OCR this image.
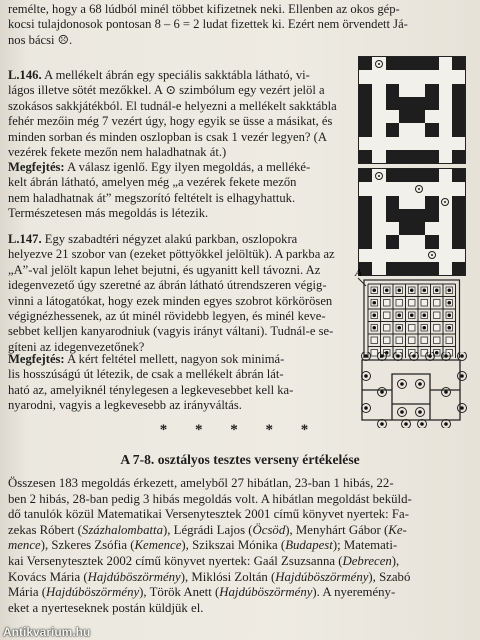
remélte, hogy a 68 lúdból minél többet kifizetnek neki. Ellenben az okos gép-

kocsi tulajdonosok pontosan 8 – 6 = 2 ludat fizettek ki. Ezért nem örvendett Já-

nos bácsi ☹.

L.146. A mellékelt ábrán egy speciális sakktábla látható, vi-

lágos illetve sötét mezőkkel. A ⊙ szimbólum egy vezért jelöl a

szokásos sakkjátékból. El tudnál-e helyezni a mellékelt sakktábla

fehér mezőin még 7 vezért úgy, hogy egyik se üsse a másikat, és

minden sorban és minden oszlopban is csak 1 vezér legyen? (A

vezérek fekete mezőn nem haladhatnak át.)

Megfejtés: A válasz igenlő. Egy ilyen megoldás, a melléké-

kelt ábrán látható, amelyen még „a vezérek fekete mezőn

nem haladhatnak át” megszorító feltételt is elhagyhattuk.

Természetesen más megoldás is létezik.

L.147. Egy szabadtéri négyzet alakú parkban, oszlopokra

helyezve 21 szobor van (ezeket pöttyökkel jelöltük). A parkba az

„A”-val jelölt kapun lehet bejutni, és ugyanitt kell távozni. Az

idegenvezető úgy szeretné az ábrán látható útrendszeren végig-

vinni a látogatókat, hogy ezek minden egyes szobrot körkörösen

végignézhessenek, az út minél rövidebb legyen, és minél keve-

sebbet kelljen kanyarodniuk (vagyis irányt váltani). Tudnál-e se-

gíteni az idegenvezetőnek?

Megfejtés: A kért feltétel mellett, nagyon sok minimá-

lis hosszúságú út létezik, de csak a mellékelt ábrán lát-

ható az, amelyiknél ténylegesen a legkevesebbet kell ka-

nyarodni, vagyis a legkevesebb az irányváltás.

A
* * * * *
A 7-8. osztályos tesztes verseny értékelése

Összesen 183 megoldás érkezett, amelyből 27 hibátlan, 23-ban 1 hibás, 22-

ben 2 hibás, 28-ban pedig 3 hibás megoldás volt. A hibátlan megoldást beküld-

dő tanulók közül Matematikai Versenytesztek 2001 című könyvet nyertek: Fa-

zekas Róbert (Százhalombatta), Légrádi Lajos (Öcsöd), Menyhárt Gábor (Ke-

mence), Szkeres Zsófia (Kemence), Szikszai Mónika (Budapest); Matemati-

kai Versenytesztek 2002 című könyvet nyertek: Gaál Zsuzsanna (Debrecen),

Kovács Mária (Hajdúböszörmény), Miklósi Zoltán (Hajdúböszörmény), Szabó

Mária (Hajdúböszörmény), Török Anett (Hajdúböszörmény). A nyeremény-

eket a nyerteseknek postán küldjük el.

Antikvarium.hu
